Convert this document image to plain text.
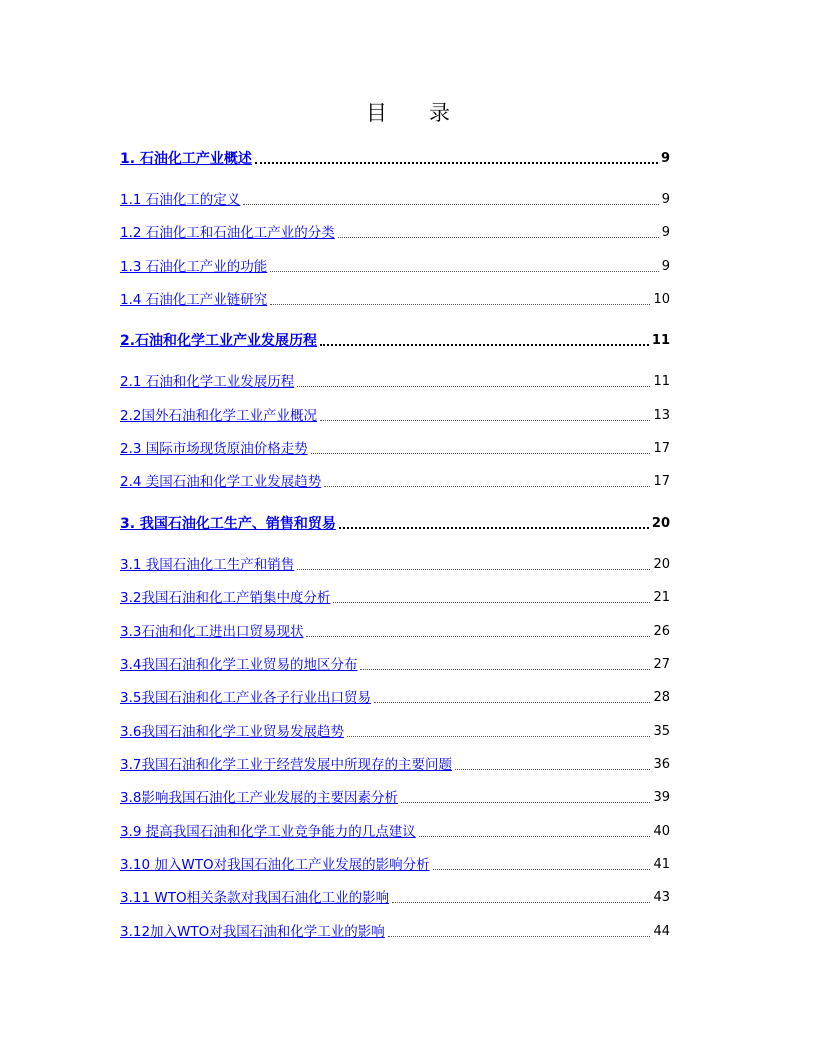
目　　录
1. 石油化工产业概述	9
1.1 石油化工的定义	9
1.2 石油化工和石油化工产业的分类	9
1.3 石油化工产业的功能	9
1.4 石油化工产业链研究	10
2.石油和化学工业产业发展历程	11
2.1 石油和化学工业发展历程	11
2.2国外石油和化学工业产业概况	13
2.3 国际市场现货原油价格走势	17
2.4 美国石油和化学工业发展趋势	17
3. 我国石油化工生产、销售和贸易	20
3.1 我国石油化工生产和销售	20
3.2我国石油和化工产销集中度分析	21
3.3石油和化工进出口贸易现状	26
3.4我国石油和化学工业贸易的地区分布	27
3.5我国石油和化工产业各子行业出口贸易	28
3.6我国石油和化学工业贸易发展趋势	35
3.7我国石油和化学工业于经营发展中所现存的主要问题	36
3.8影响我国石油化工产业发展的主要因素分析	39
3.9 提高我国石油和化学工业竞争能力的几点建议	40
3.10 加入WTO对我国石油化工产业发展的影响分析	41
3.11 WTO相关条款对我国石油化工业的影响	43
3.12加入WTO对我国石油和化学工业的影响	44
